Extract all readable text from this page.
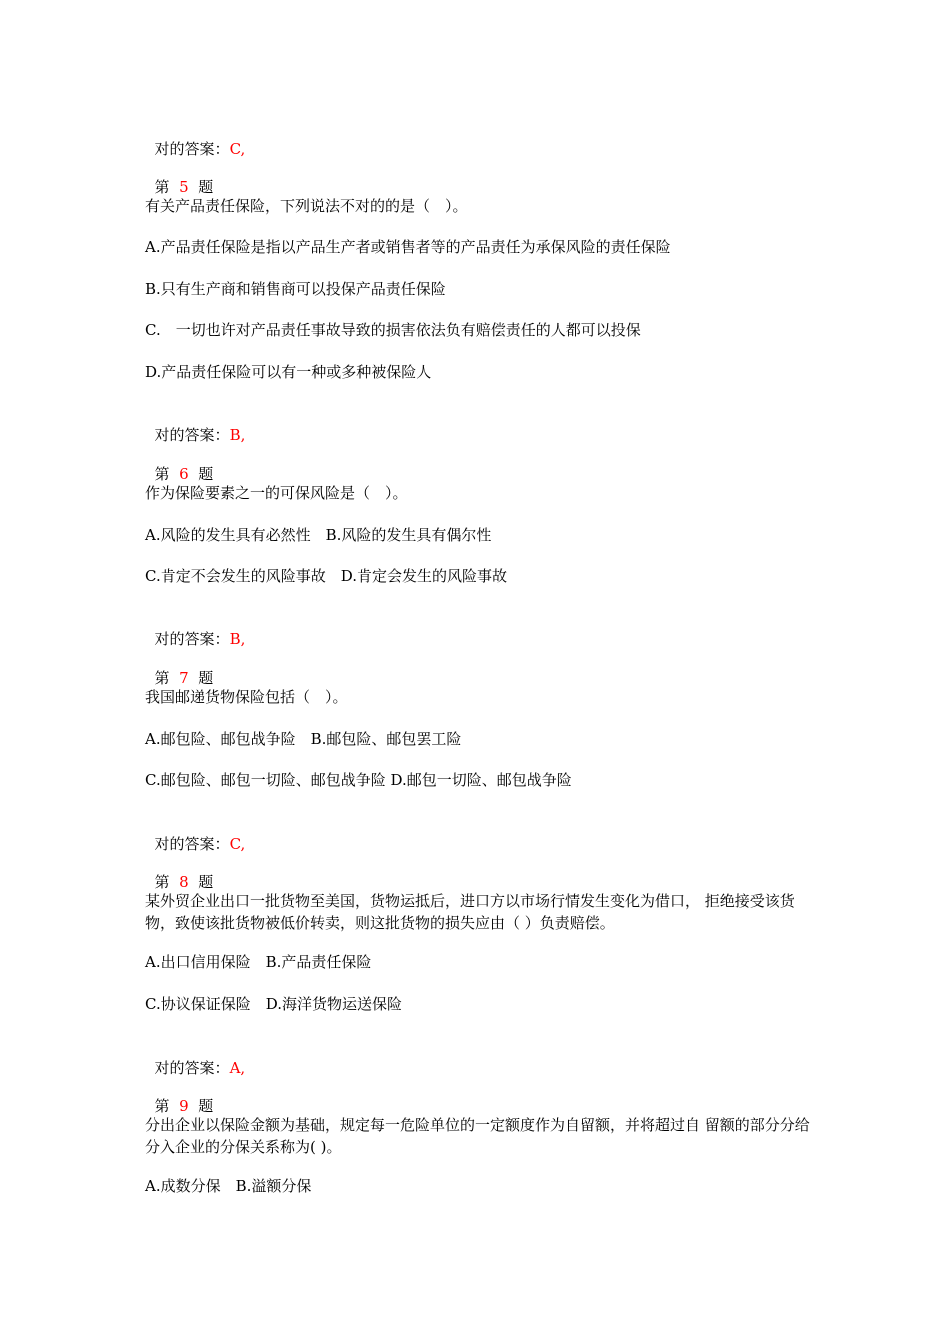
对的答案：C,

第 5 题

有关产品责任保险，下列说法不对的的是（　）。
A.产品责任保险是指以产品生产者或销售者等的产品责任为承保风险的责任保险
B.只有生产商和销售商可以投保产品责任保险
C.　一切也许对产品责任事故导致的损害依法负有赔偿责任的人都可以投保
D.产品责任保险可以有一种或多种被保险人

对的答案：B,

第 6 题

作为保险要素之一的可保风险是（　）。
A.风险的发生具有必然性　B.风险的发生具有偶尔性
C.肯定不会发生的风险事故　D.肯定会发生的风险事故

对的答案：B,

第 7 题

我国邮递货物保险包括（　）。
A.邮包险、邮包战争险　B.邮包险、邮包罢工险
C.邮包险、邮包一切险、邮包战争险 D.邮包一切险、邮包战争险

对的答案：C,

第 8 题

某外贸企业出口一批货物至美国，货物运抵后，进口方以市场行情发生变化为借口， 拒绝接受该货物，致使该批货物被低价转卖，则这批货物的损失应由（ ）负责赔偿。
A.出口信用保险　B.产品责任保险
C.协议保证保险　D.海洋货物运送保险

对的答案：A,

第 9 题

分出企业以保险金额为基础，规定每一危险单位的一定额度作为自留额，并将超过自 留额的部分分给分入企业的分保关系称为( )。
A.成数分保　B.溢额分保
